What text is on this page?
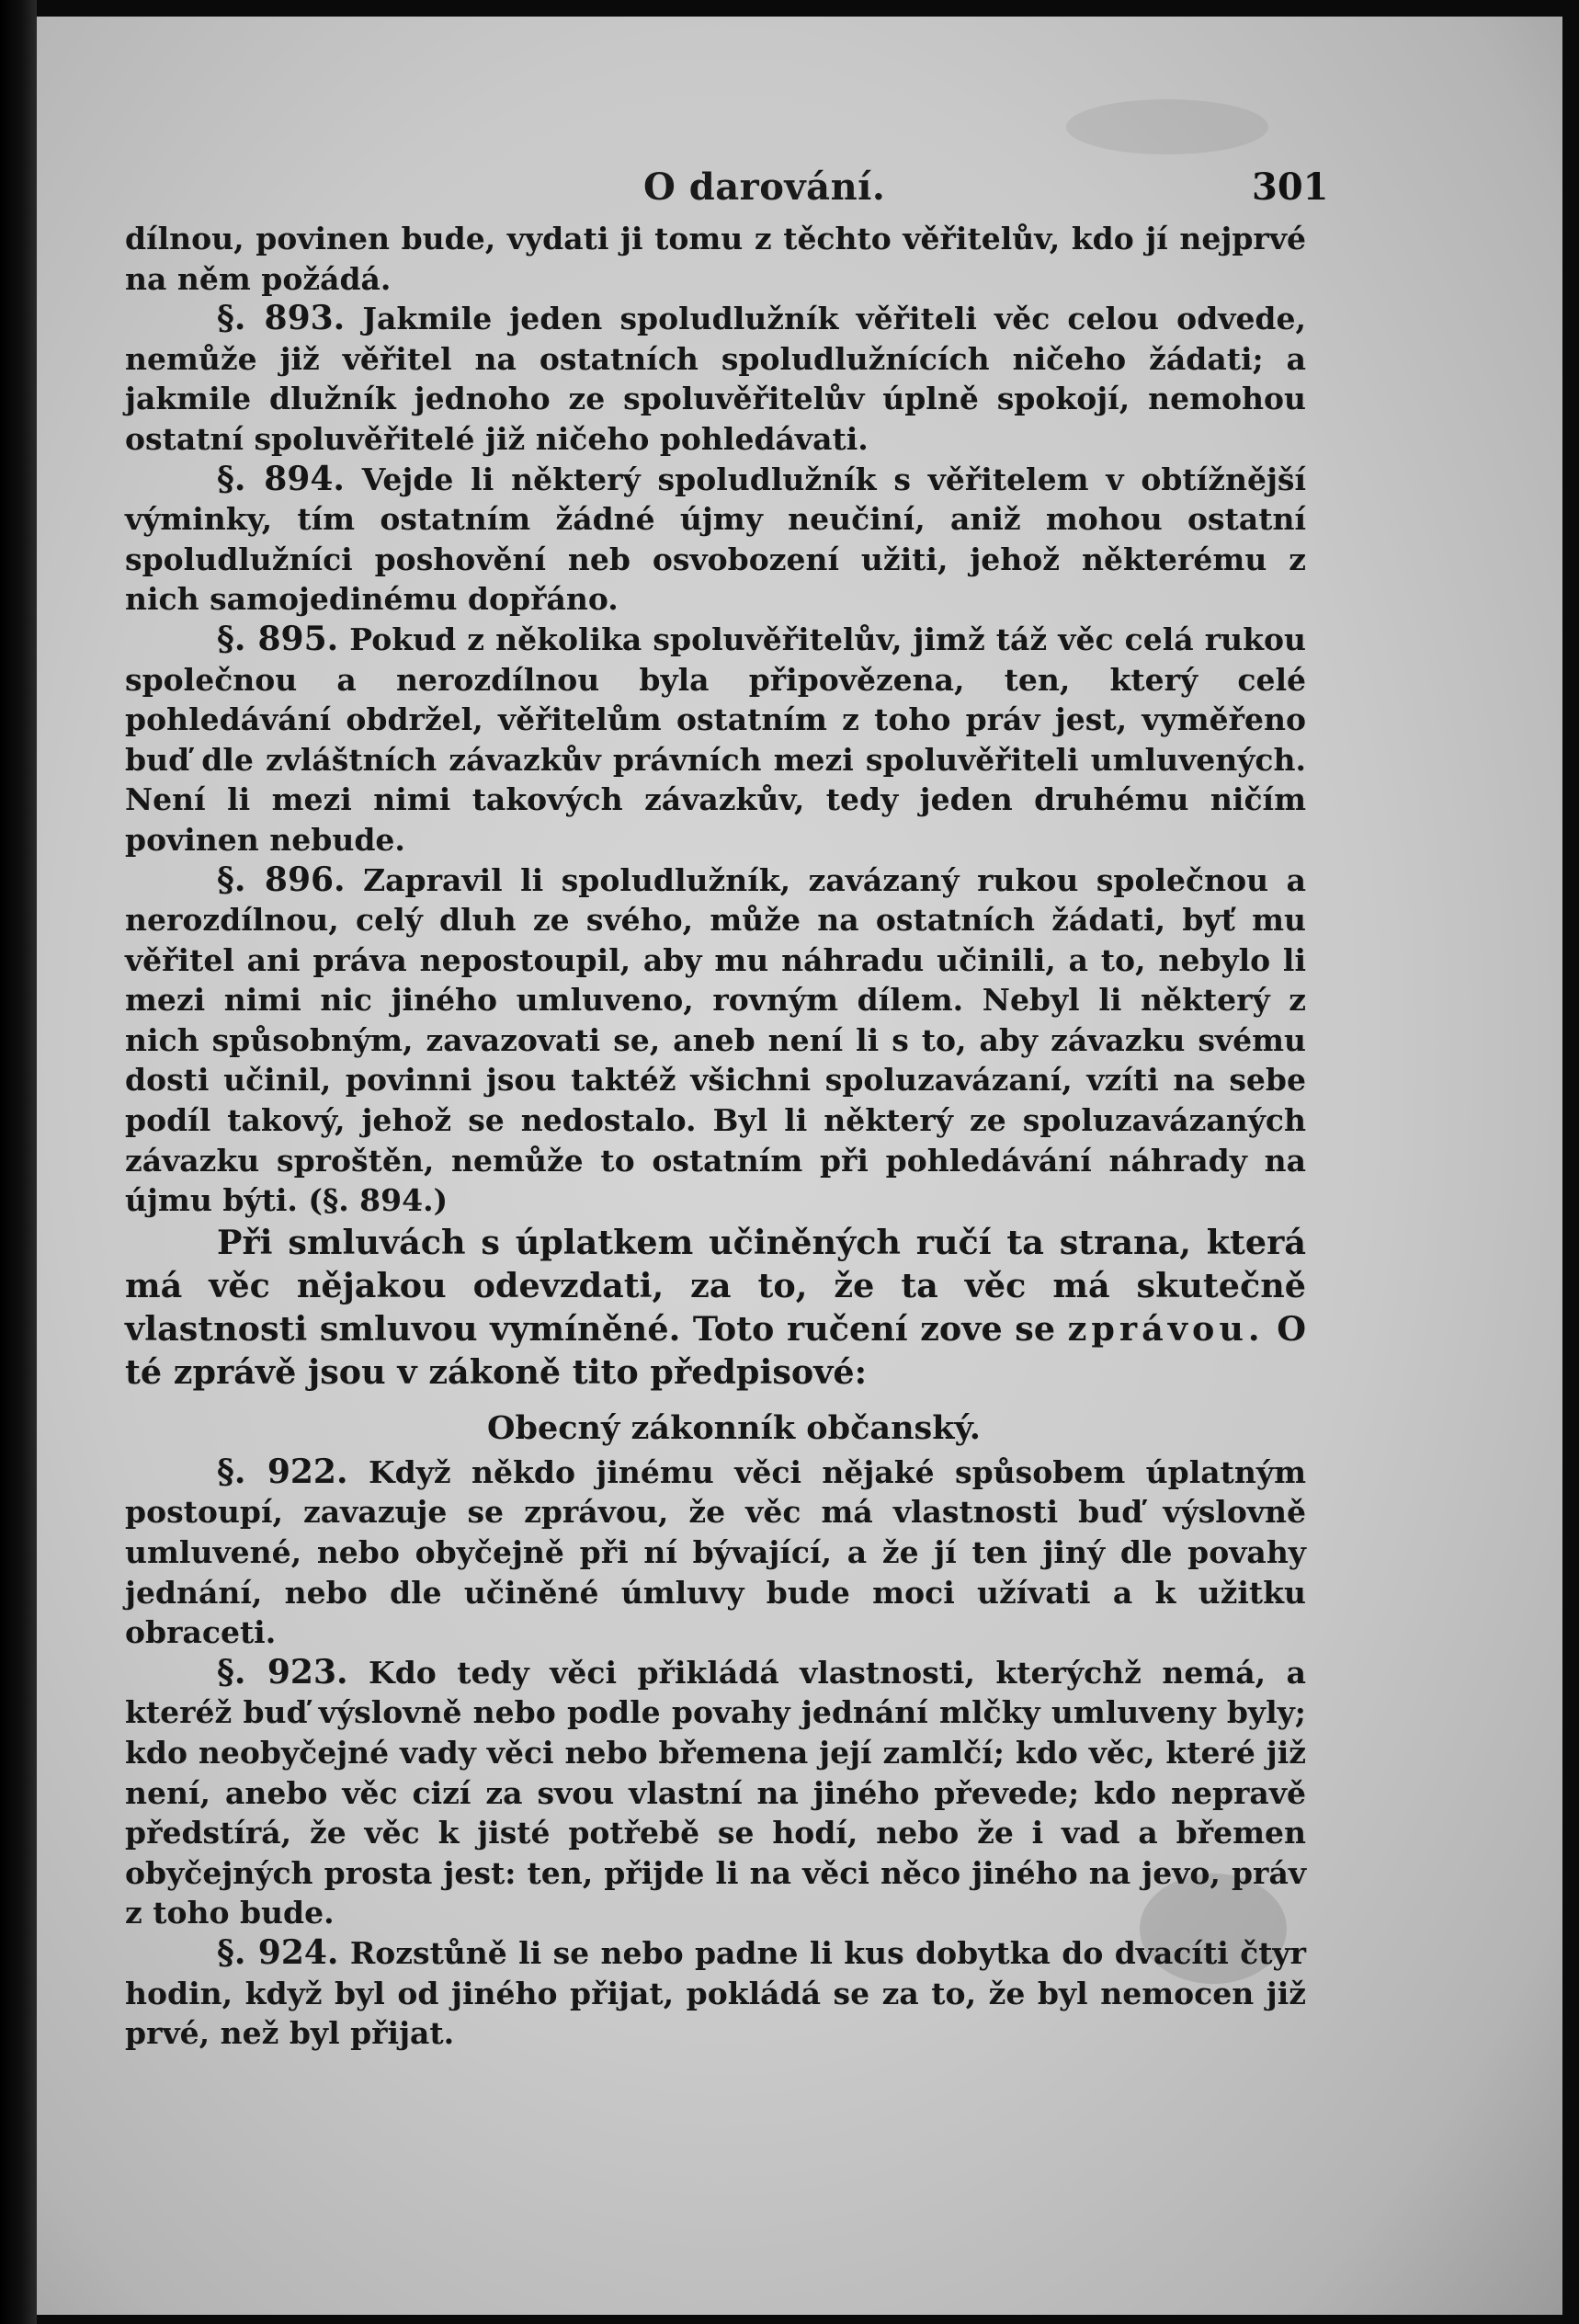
O darování.	301

dílnou, povinen bude, vydati ji tomu z těchto věřitelův, kdo jí nejprvé na něm požádá.

§. 893. Jakmile jeden spoludlužník věřiteli věc celou odvede, nemůže již věřitel na ostatních spoludlužnících ničeho žádati; a jakmile dlužník jednoho ze spoluvěřitelův úplně spokojí, nemohou ostatní spoluvěřitelé již ničeho pohledávati.

§. 894. Vejde li některý spoludlužník s věřitelem v obtížnější výminky, tím ostatním žádné újmy neučiní, aniž mohou ostatní spoludlužníci poshovění neb osvobození užiti, jehož některému z nich samojedinému dopřáno.

§. 895. Pokud z několika spoluvěřitelův, jimž táž věc celá rukou společnou a nerozdílnou byla připovězena, ten, který celé pohledávání obdržel, věřitelům ostatním z toho práv jest, vyměřeno buď dle zvláštních závazkův právních mezi spoluvěřiteli umluvených. Není li mezi nimi takových závazkův, tedy jeden druhému ničím povinen nebude.

§. 896. Zapravil li spoludlužník, zavázaný rukou společnou a nerozdílnou, celý dluh ze svého, může na ostatních žádati, byť mu věřitel ani práva nepostoupil, aby mu náhradu učinili, a to, nebylo li mezi nimi nic jiného umluveno, rovným dílem. Nebyl li některý z nich spůsobným, zavazovati se, aneb není li s to, aby závazku svému dosti učinil, povinni jsou taktéž všichni spoluzavázaní, vzíti na sebe podíl takový, jehož se nedostalo. Byl li některý ze spoluzavázaných závazku sproštěn, nemůže to ostatním při pohledávání náhrady na újmu býti. (§. 894.)

Při smluvách s úplatkem učiněných ručí ta strana, která má věc nějakou odevzdati, za to, že ta věc má skutečně vlastnosti smluvou vymíněné. Toto ručení zove se zprávou. O té zprávě jsou v zákoně tito předpisové:

Obecný zákonník občanský.

§. 922. Když někdo jinému věci nějaké spůsobem úplatným postoupí, zavazuje se zprávou, že věc má vlastnosti buď výslovně umluvené, nebo obyčejně při ní bývající, a že jí ten jiný dle povahy jednání, nebo dle učiněné úmluvy bude moci užívati a k užitku obraceti.

§. 923. Kdo tedy věci přikládá vlastnosti, kterýchž nemá, a kteréž buď výslovně nebo podle povahy jednání mlčky umluveny byly; kdo neobyčejné vady věci nebo břemena její zamlčí; kdo věc, které již není, anebo věc cizí za svou vlastní na jiného převede; kdo nepravě předstírá, že věc k jisté potřebě se hodí, nebo že i vad a břemen obyčejných prosta jest: ten, přijde li na věci něco jiného na jevo, práv z toho bude.

§. 924. Rozstůně li se nebo padne li kus dobytka do dvacíti čtyr hodin, když byl od jiného přijat, pokládá se za to, že byl nemocen již prvé, než byl přijat.
